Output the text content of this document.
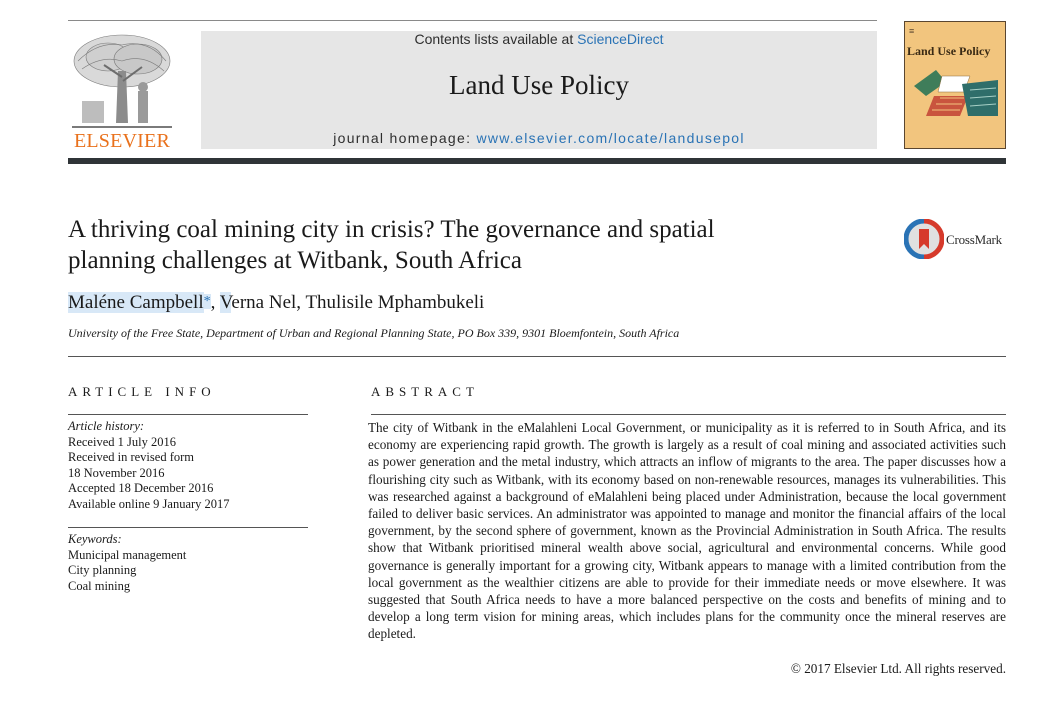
ELSEVIER
Contents lists available at ScienceDirect
Land Use Policy
journal homepage: www.elsevier.com/locate/landusepol
≡
Land Use Policy
A thriving coal mining city in crisis? The governance and spatial
planning challenges at Witbank, South Africa
CrossMark
Maléne Campbell*, Verna Nel, Thulisile Mphambukeli
University of the Free State, Department of Urban and Regional Planning State, PO Box 339, 9301 Bloemfontein, South Africa
ARTICLE INFO
Article history:
Received 1 July 2016
Received in revised form
18 November 2016
Accepted 18 December 2016
Available online 9 January 2017
Keywords:
Municipal management
City planning
Coal mining
ABSTRACT
The city of Witbank in the eMalahleni Local Government, or municipality as it is referred to in South Africa, and its economy are experiencing rapid growth. The growth is largely as a result of coal mining and associated activities such as power generation and the metal industry, which attracts an inflow of migrants to the area. The paper discusses how a flourishing city such as Witbank, with its economy based on non-renewable resources, manages its vulnerabilities. This was researched against a background of eMalahleni being placed under Administration, because the local government failed to deliver basic services. An administrator was appointed to manage and monitor the financial affairs of the local government, by the second sphere of government, known as the Provincial Administration in South Africa. The results show that Witbank prioritised mineral wealth above social, agricultural and environmental concerns. While good governance is generally important for a growing city, Witbank appears to manage with a limited contribution from the local government as the wealthier citizens are able to provide for their immediate needs or move elsewhere. It was suggested that South Africa needs to have a more balanced perspective on the costs and benefits of mining and to develop a long term vision for mining areas, which includes plans for the community once the mineral reserves are depleted.
© 2017 Elsevier Ltd. All rights reserved.
